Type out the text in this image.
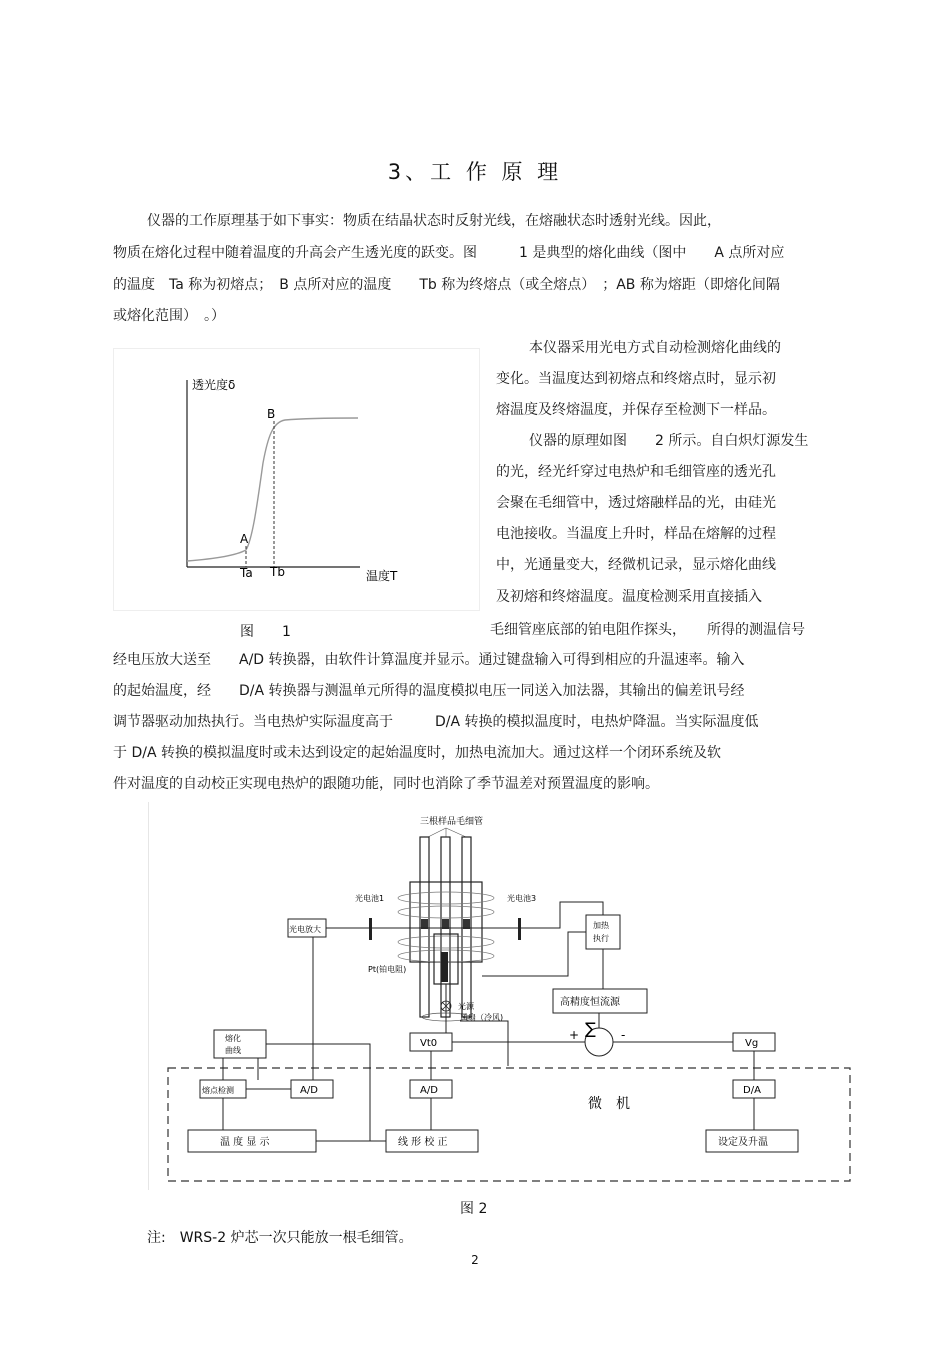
3、工 作 原 理
仪器的工作原理基于如下事实：物质在结晶状态时反射光线，在熔融状态时透射光线。因此，
物质在熔化过程中随着温度的升高会产生透光度的跃变。图　　　1 是典型的熔化曲线（图中　　A 点所对应
的温度　Ta 称为初熔点；　B 点所对应的温度　　Tb 称为终熔点（或全熔点）　；AB 称为熔距（即熔化间隔
或熔化范围）　。）
透光度δ
B
A
Ta Tb	温度T
本仪器采用光电方式自动检测熔化曲线的
变化。当温度达到初熔点和终熔点时，显示初
熔温度及终熔温度，并保存至检测下一样品。
仪器的原理如图　　2 所示。自白炽灯源发生
的光，经光纤穿过电热炉和毛细管座的透光孔
会聚在毛细管中，透过熔融样品的光，由硅光
电池接收。当温度上升时，样品在熔解的过程
中，光通量变大，经微机记录，显示熔化曲线
及初熔和终熔温度。温度检测采用直接插入
图　　1	毛细管座底部的铂电阻作探头，　　所得的测温信号
经电压放大送至　　A/D 转换器，由软件计算温度并显示。通过键盘输入可得到相应的升温速率。输入
的起始温度，经　　D/A 转换器与测温单元所得的温度模拟电压一同送入加法器，其输出的偏差讯号经
调节器驱动加热执行。当电热炉实际温度高于　　　D/A 转换的模拟温度时，电热炉降温。当实际温度低
于 D/A 转换的模拟温度时或未达到设定的起始温度时，加热电流加大。通过这样一个闭环系统及软
件对温度的自动校正实现电热炉的跟随功能，同时也消除了季节温差对预置温度的影响。
三根样品毛细管
Pt(铂电阻)
光电池1	光电池3
光电放大	加热
执行
光源
风扇（冷风)
高精度恒流源
∑
+	-
Vt0	Vg
熔化
曲线
微　机
熔点检测	A/D	A/D	D/A
温 度 显 示	线 形 校 正	设定及升温
图 2
注:　WRS-2 炉芯一次只能放一根毛细管。
2
